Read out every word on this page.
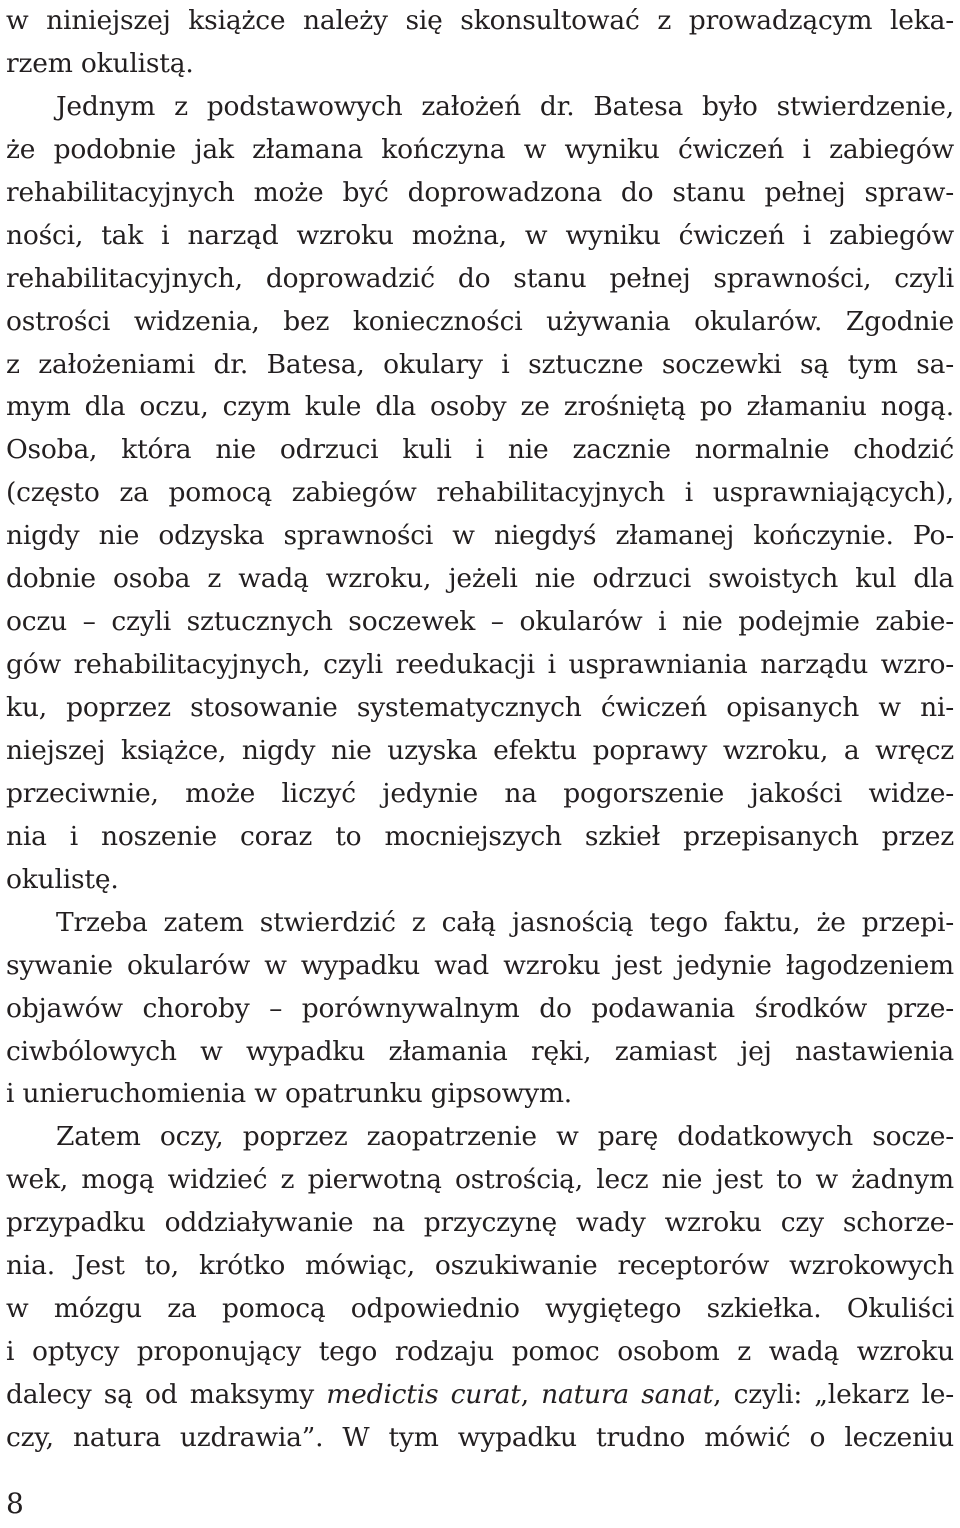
w niniejszej książce należy się skonsultować z prowadzącym leka-
rzem okulistą.
Jednym z podstawowych założeń dr. Batesa było stwierdzenie,
że podobnie jak złamana kończyna w wyniku ćwiczeń i zabiegów
rehabilitacyjnych może być doprowadzona do stanu pełnej spraw-
ności, tak i narząd wzroku można, w wyniku ćwiczeń i zabiegów
rehabilitacyjnych, doprowadzić do stanu pełnej sprawności, czyli
ostrości widzenia, bez konieczności używania okularów. Zgodnie
z założeniami dr. Batesa, okulary i sztuczne soczewki są tym sa-
mym dla oczu, czym kule dla osoby ze zrośniętą po złamaniu nogą.
Osoba, która nie odrzuci kuli i nie zacznie normalnie chodzić
(często za pomocą zabiegów rehabilitacyjnych i usprawniających),
nigdy nie odzyska sprawności w niegdyś złamanej kończynie. Po-
dobnie osoba z wadą wzroku, jeżeli nie odrzuci swoistych kul dla
oczu – czyli sztucznych soczewek – okularów i nie podejmie zabie-
gów rehabilitacyjnych, czyli reedukacji i usprawniania narządu wzro-
ku, poprzez stosowanie systematycznych ćwiczeń opisanych w ni-
niejszej książce, nigdy nie uzyska efektu poprawy wzroku, a wręcz
przeciwnie, może liczyć jedynie na pogorszenie jakości widze-
nia i noszenie coraz to mocniejszych szkieł przepisanych przez
okulistę.
Trzeba zatem stwierdzić z całą jasnością tego faktu, że przepi-
sywanie okularów w wypadku wad wzroku jest jedynie łagodzeniem
objawów choroby – porównywalnym do podawania środków prze-
ciwbólowych w wypadku złamania ręki, zamiast jej nastawienia
i unieruchomienia w opatrunku gipsowym.
Zatem oczy, poprzez zaopatrzenie w parę dodatkowych socze-
wek, mogą widzieć z pierwotną ostrością, lecz nie jest to w żadnym
przypadku oddziaływanie na przyczynę wady wzroku czy schorze-
nia. Jest to, krótko mówiąc, oszukiwanie receptorów wzrokowych
w mózgu za pomocą odpowiednio wygiętego szkiełka. Okuliści
i optycy proponujący tego rodzaju pomoc osobom z wadą wzroku
dalecy są od maksymy medictis curat, natura sanat, czyli: „lekarz le-
czy, natura uzdrawia”. W tym wypadku trudno mówić o leczeniu
8
